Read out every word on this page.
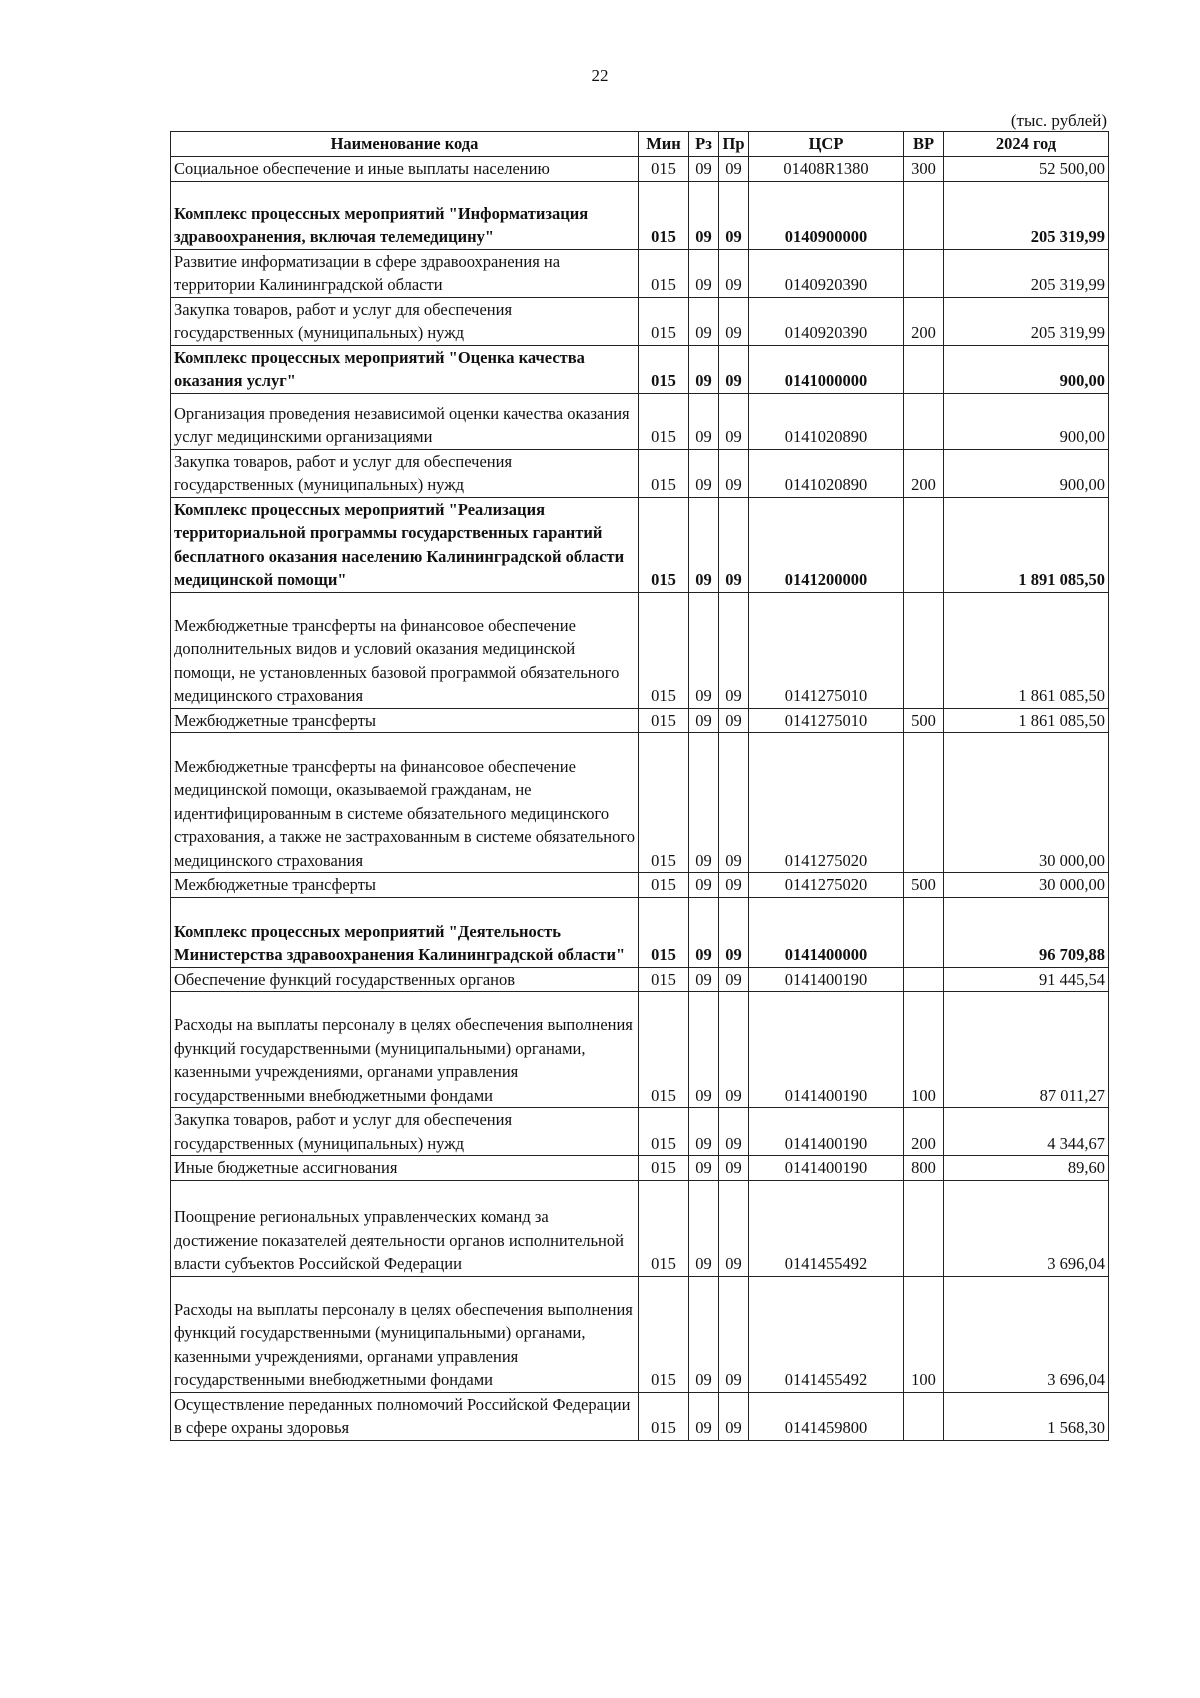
22
(тыс. рублей)
Наименование кода	Мин	Рз	Пр	ЦСР	ВР	2024 год
Социальное обеспечение и иные выплаты населению	015	09	09	01408R1380	300	52 500,00
Комплекс процессных мероприятий "Информатизация здравоохранения, включая телемедицину"	015	09	09	0140900000		205 319,99
Развитие информатизации в сфере здравоохранения на территории Калининградской области	015	09	09	0140920390		205 319,99
Закупка товаров, работ и услуг для обеспечения государственных (муниципальных) нужд	015	09	09	0140920390	200	205 319,99
Комплекс процессных мероприятий "Оценка качества оказания услуг"	015	09	09	0141000000		900,00
Организация проведения независимой оценки качества оказания услуг медицинскими организациями	015	09	09	0141020890		900,00
Закупка товаров, работ и услуг для обеспечения государственных (муниципальных) нужд	015	09	09	0141020890	200	900,00
Комплекс процессных мероприятий "Реализация территориальной программы государственных гарантий бесплатного оказания населению Калининградской области медицинской помощи"	015	09	09	0141200000		1 891 085,50
Межбюджетные трансферты на финансовое обеспечение дополнительных видов и условий оказания медицинской помощи, не установленных базовой программой обязательного медицинского страхования	015	09	09	0141275010		1 861 085,50
Межбюджетные трансферты	015	09	09	0141275010	500	1 861 085,50
Межбюджетные трансферты на финансовое обеспечение медицинской помощи, оказываемой гражданам, не идентифицированным в системе обязательного медицинского страхования, а также не застрахованным в системе обязательного медицинского страхования	015	09	09	0141275020		30 000,00
Межбюджетные трансферты	015	09	09	0141275020	500	30 000,00
Комплекс процессных мероприятий "Деятельность Министерства здравоохранения Калининградской области"	015	09	09	0141400000		96 709,88
Обеспечение функций государственных органов	015	09	09	0141400190		91 445,54
Расходы на выплаты персоналу в целях обеспечения выполнения функций государственными (муниципальными) органами, казенными учреждениями, органами управления государственными внебюджетными фондами	015	09	09	0141400190	100	87 011,27
Закупка товаров, работ и услуг для обеспечения государственных (муниципальных) нужд	015	09	09	0141400190	200	4 344,67
Иные бюджетные ассигнования	015	09	09	0141400190	800	89,60
Поощрение региональных управленческих команд за достижение показателей деятельности органов исполнительной власти субъектов Российской Федерации	015	09	09	0141455492		3 696,04
Расходы на выплаты персоналу в целях обеспечения выполнения функций государственными (муниципальными) органами, казенными учреждениями, органами управления государственными внебюджетными фондами	015	09	09	0141455492	100	3 696,04
Осуществление переданных полномочий Российской Федерации в сфере охраны здоровья	015	09	09	0141459800		1 568,30
